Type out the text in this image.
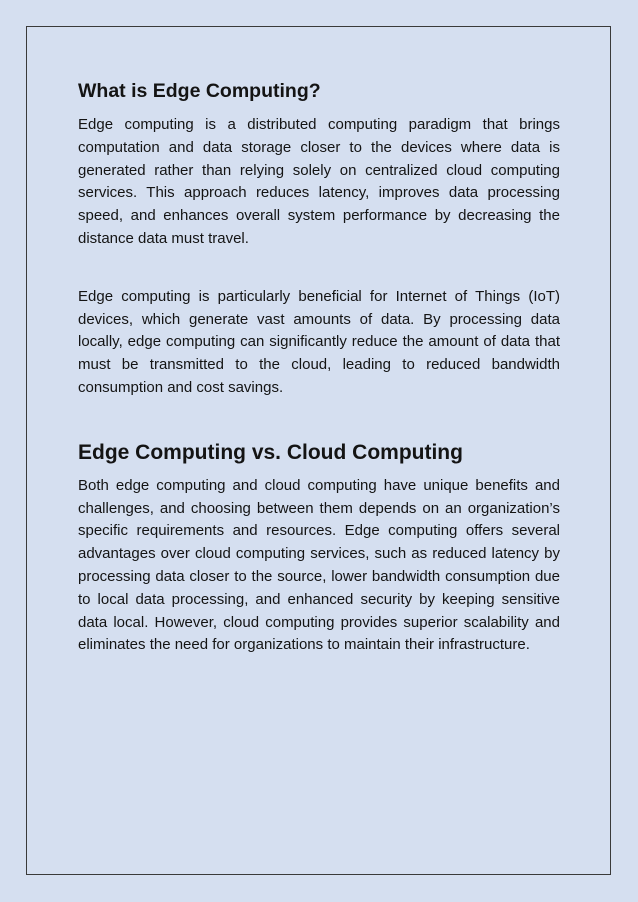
What is Edge Computing?

Edge computing is a distributed computing paradigm that brings computation and data storage closer to the devices where data is generated rather than relying solely on centralized cloud computing services. This approach reduces latency, improves data processing speed, and enhances overall system performance by decreasing the distance data must travel.

Edge computing is particularly beneficial for Internet of Things (IoT) devices, which generate vast amounts of data. By processing data locally, edge computing can significantly reduce the amount of data that must be transmitted to the cloud, leading to reduced bandwidth consumption and cost savings.

Edge Computing vs. Cloud Computing

Both edge computing and cloud computing have unique benefits and challenges, and choosing between them depends on an organization’s specific requirements and resources. Edge computing offers several advantages over cloud computing services, such as reduced latency by processing data closer to the source, lower bandwidth consumption due to local data processing, and enhanced security by keeping sensitive data local. However, cloud computing provides superior scalability and eliminates the need for organizations to maintain their infrastructure.
